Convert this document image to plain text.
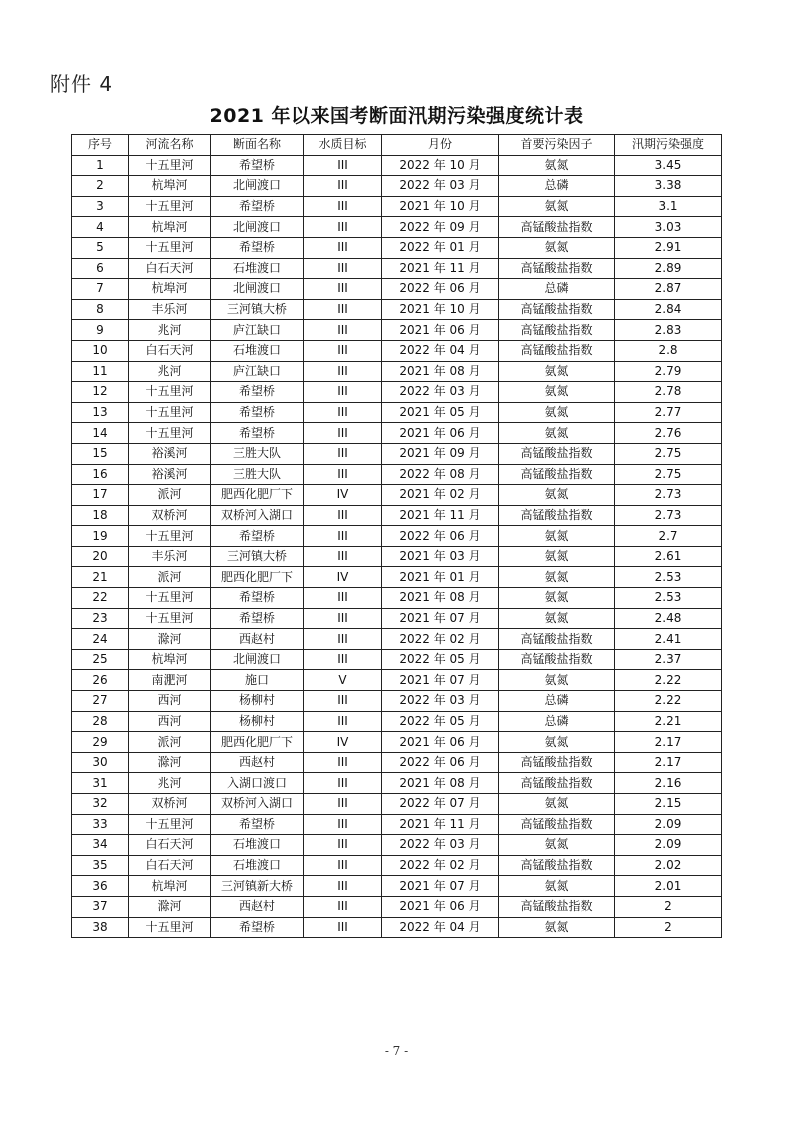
附件 4
2021 年以来国考断面汛期污染强度统计表
序号	河流名称	断面名称	水质目标	月份	首要污染因子	汛期污染强度
1	十五里河	希望桥	III	2022 年 10 月	氨氮	3.45
2	杭埠河	北闸渡口	III	2022 年 03 月	总磷	3.38
3	十五里河	希望桥	III	2021 年 10 月	氨氮	3.1
4	杭埠河	北闸渡口	III	2022 年 09 月	高锰酸盐指数	3.03
5	十五里河	希望桥	III	2022 年 01 月	氨氮	2.91
6	白石天河	石堆渡口	III	2021 年 11 月	高锰酸盐指数	2.89
7	杭埠河	北闸渡口	III	2022 年 06 月	总磷	2.87
8	丰乐河	三河镇大桥	III	2021 年 10 月	高锰酸盐指数	2.84
9	兆河	庐江缺口	III	2021 年 06 月	高锰酸盐指数	2.83
10	白石天河	石堆渡口	III	2022 年 04 月	高锰酸盐指数	2.8
11	兆河	庐江缺口	III	2021 年 08 月	氨氮	2.79
12	十五里河	希望桥	III	2022 年 03 月	氨氮	2.78
13	十五里河	希望桥	III	2021 年 05 月	氨氮	2.77
14	十五里河	希望桥	III	2021 年 06 月	氨氮	2.76
15	裕溪河	三胜大队	III	2021 年 09 月	高锰酸盐指数	2.75
16	裕溪河	三胜大队	III	2022 年 08 月	高锰酸盐指数	2.75
17	派河	肥西化肥厂下	IV	2021 年 02 月	氨氮	2.73
18	双桥河	双桥河入湖口	III	2021 年 11 月	高锰酸盐指数	2.73
19	十五里河	希望桥	III	2022 年 06 月	氨氮	2.7
20	丰乐河	三河镇大桥	III	2021 年 03 月	氨氮	2.61
21	派河	肥西化肥厂下	IV	2021 年 01 月	氨氮	2.53
22	十五里河	希望桥	III	2021 年 08 月	氨氮	2.53
23	十五里河	希望桥	III	2021 年 07 月	氨氮	2.48
24	滁河	西赵村	III	2022 年 02 月	高锰酸盐指数	2.41
25	杭埠河	北闸渡口	III	2022 年 05 月	高锰酸盐指数	2.37
26	南淝河	施口	V	2021 年 07 月	氨氮	2.22
27	西河	杨柳村	III	2022 年 03 月	总磷	2.22
28	西河	杨柳村	III	2022 年 05 月	总磷	2.21
29	派河	肥西化肥厂下	IV	2021 年 06 月	氨氮	2.17
30	滁河	西赵村	III	2022 年 06 月	高锰酸盐指数	2.17
31	兆河	入湖口渡口	III	2021 年 08 月	高锰酸盐指数	2.16
32	双桥河	双桥河入湖口	III	2022 年 07 月	氨氮	2.15
33	十五里河	希望桥	III	2021 年 11 月	高锰酸盐指数	2.09
34	白石天河	石堆渡口	III	2022 年 03 月	氨氮	2.09
35	白石天河	石堆渡口	III	2022 年 02 月	高锰酸盐指数	2.02
36	杭埠河	三河镇新大桥	III	2021 年 07 月	氨氮	2.01
37	滁河	西赵村	III	2021 年 06 月	高锰酸盐指数	2
38	十五里河	希望桥	III	2022 年 04 月	氨氮	2
- 7 -
